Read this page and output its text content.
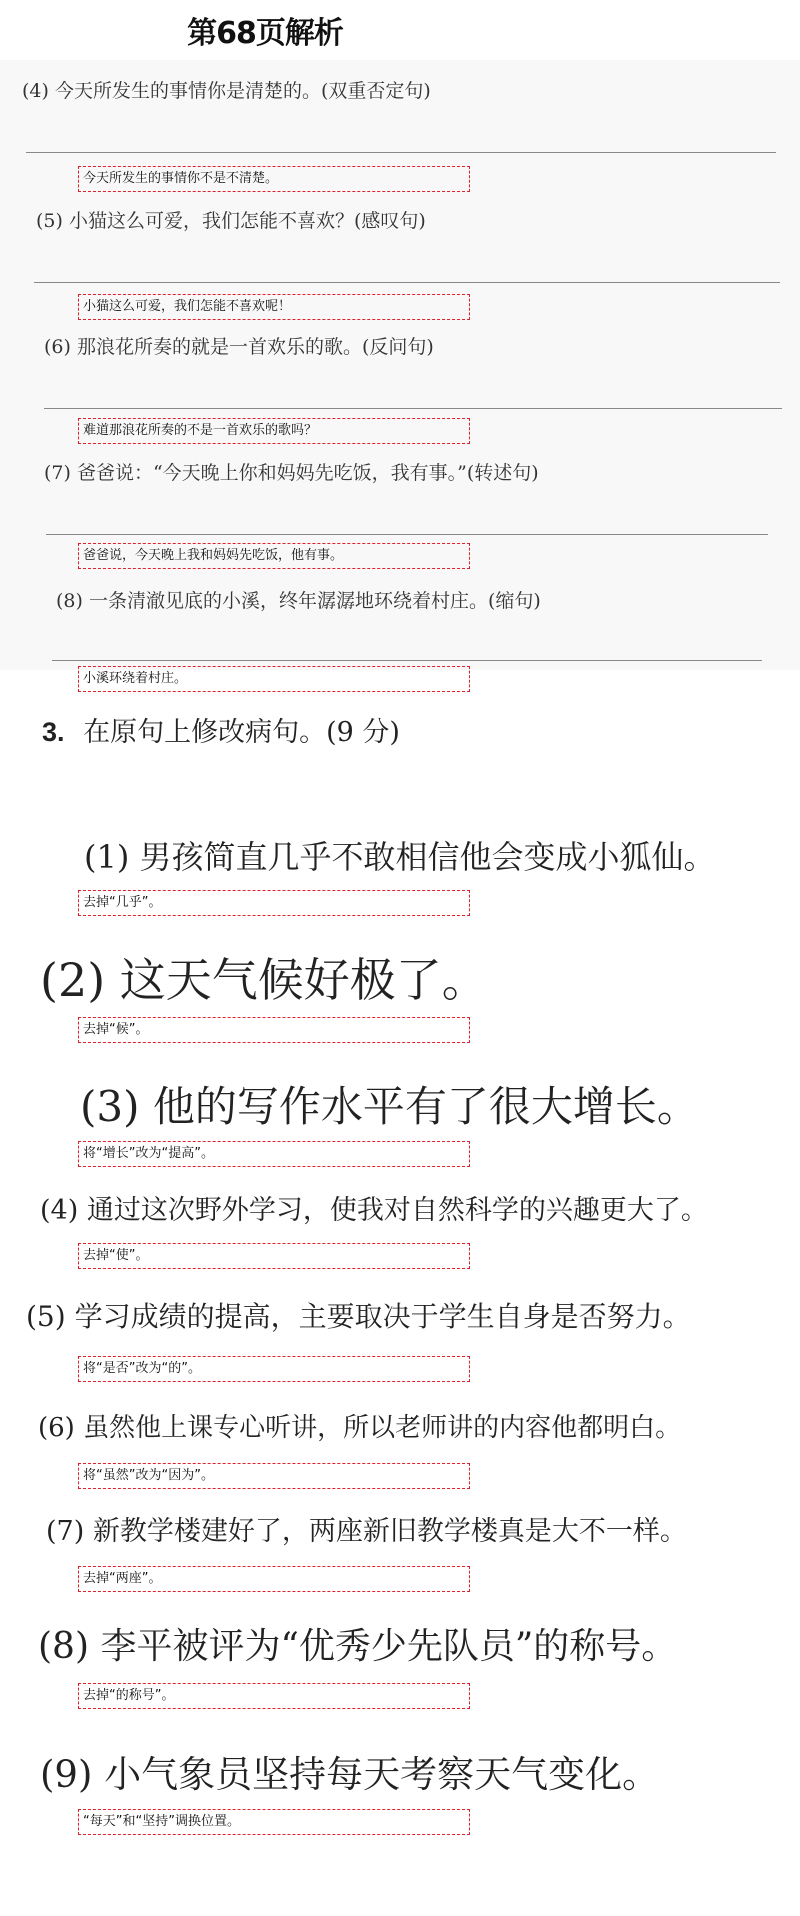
第68页解析
(4) 今天所发生的事情你是清楚的。(双重否定句)
今天所发生的事情你不是不清楚。
(5) 小猫这么可爱，我们怎能不喜欢？(感叹句)
小猫这么可爱，我们怎能不喜欢呢！
(6) 那浪花所奏的就是一首欢乐的歌。(反问句)
难道那浪花所奏的不是一首欢乐的歌吗？
(7) 爸爸说：“今天晚上你和妈妈先吃饭，我有事。”(转述句)
爸爸说，今天晚上我和妈妈先吃饭，他有事。
(8) 一条清澈见底的小溪，终年潺潺地环绕着村庄。(缩句)
小溪环绕着村庄。
3. 在原句上修改病句。(9 分)
(1) 男孩简直几乎不敢相信他会变成小狐仙。
去掉“几乎”。
(2) 这天气候好极了。
去掉“候”。
(3) 他的写作水平有了很大增长。
将“增长”改为“提高”。
(4) 通过这次野外学习，使我对自然科学的兴趣更大了。
去掉“使”。
(5) 学习成绩的提高，主要取决于学生自身是否努力。
将“是否”改为“的”。
(6) 虽然他上课专心听讲，所以老师讲的内容他都明白。
将“虽然”改为“因为”。
(7) 新教学楼建好了，两座新旧教学楼真是大不一样。
去掉“两座”。
(8) 李平被评为“优秀少先队员”的称号。
去掉“的称号”。
(9) 小气象员坚持每天考察天气变化。
“每天”和“坚持”调换位置。
